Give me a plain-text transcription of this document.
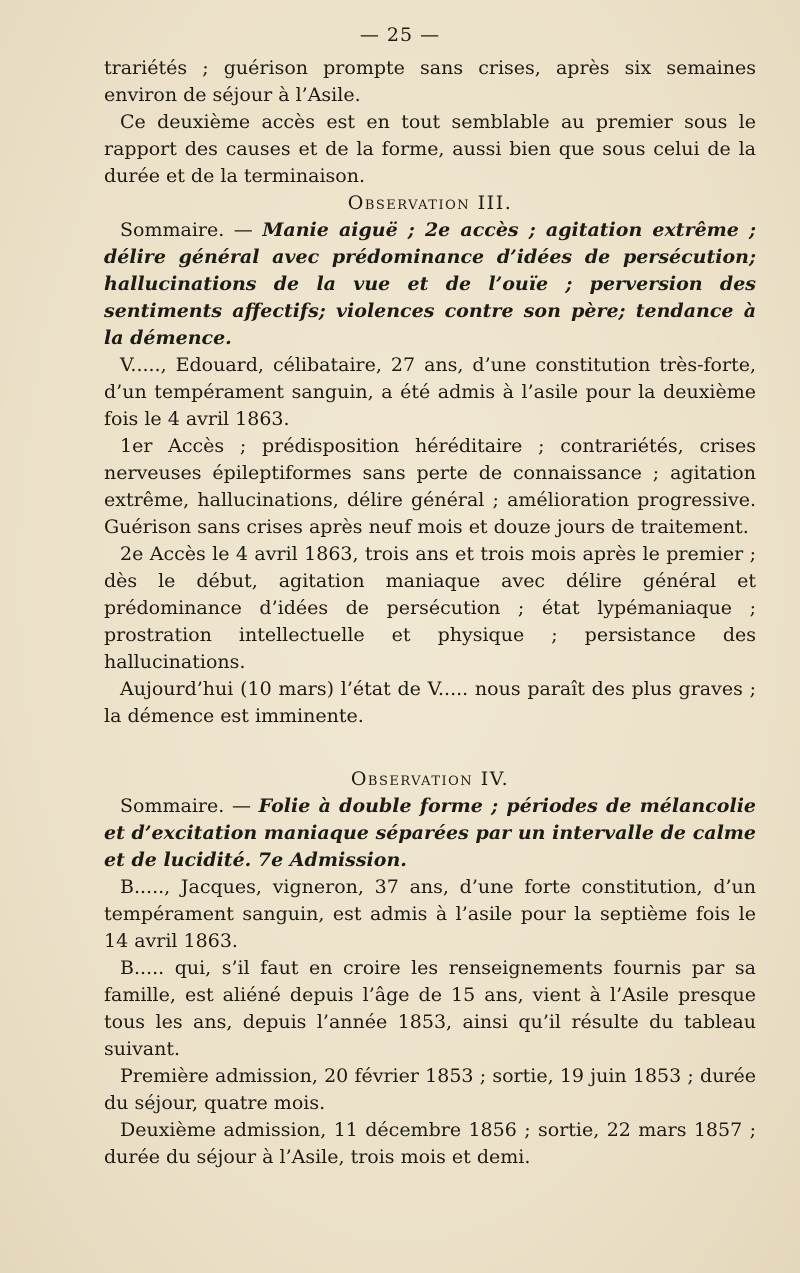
— 25 —

trariétés ; guérison prompte sans crises, après six semaines environ de séjour à l’Asile.

Ce deuxième accès est en tout semblable au premier sous le rapport des causes et de la forme, aussi bien que sous celui de la durée et de la terminaison.

Observation III.

Sommaire. — Manie aiguë ; 2e accès ; agitation extrême ; délire général avec prédominance d’idées de persécution; hallucinations de la vue et de l’ouïe ; perversion des sentiments affectifs; violences contre son père; tendance à la démence.

V....., Edouard, célibataire, 27 ans, d’une constitution très-forte, d’un tempérament sanguin, a été admis à l’asile pour la deuxième fois le 4 avril 1863.

1er Accès ; prédisposition héréditaire ; contrariétés, crises nerveuses épileptiformes sans perte de connaissance ; agitation extrême, hallucinations, délire général ; amélioration progressive. Guérison sans crises après neuf mois et douze jours de traitement.

2e Accès le 4 avril 1863, trois ans et trois mois après le premier ; dès le début, agitation maniaque avec délire général et prédominance d’idées de persécution ; état lypémaniaque ; prostration intellectuelle et physique ; persistance des hallucinations.

Aujourd’hui (10 mars) l’état de V..... nous paraît des plus graves ; la démence est imminente.

Observation IV.

Sommaire. — Folie à double forme ; périodes de mélancolie et d’excitation maniaque séparées par un intervalle de calme et de lucidité. 7e Admission.

B....., Jacques, vigneron, 37 ans, d’une forte constitution, d’un tempérament sanguin, est admis à l’asile pour la septième fois le 14 avril 1863.

B..... qui, s’il faut en croire les renseignements fournis par sa famille, est aliéné depuis l’âge de 15 ans, vient à l’Asile presque tous les ans, depuis l’année 1853, ainsi qu’il résulte du tableau suivant.

Première admission, 20 février 1853 ; sortie, 19 juin 1853 ; durée du séjour, quatre mois.

Deuxième admission, 11 décembre 1856 ; sortie, 22 mars 1857 ; durée du séjour à l’Asile, trois mois et demi.
